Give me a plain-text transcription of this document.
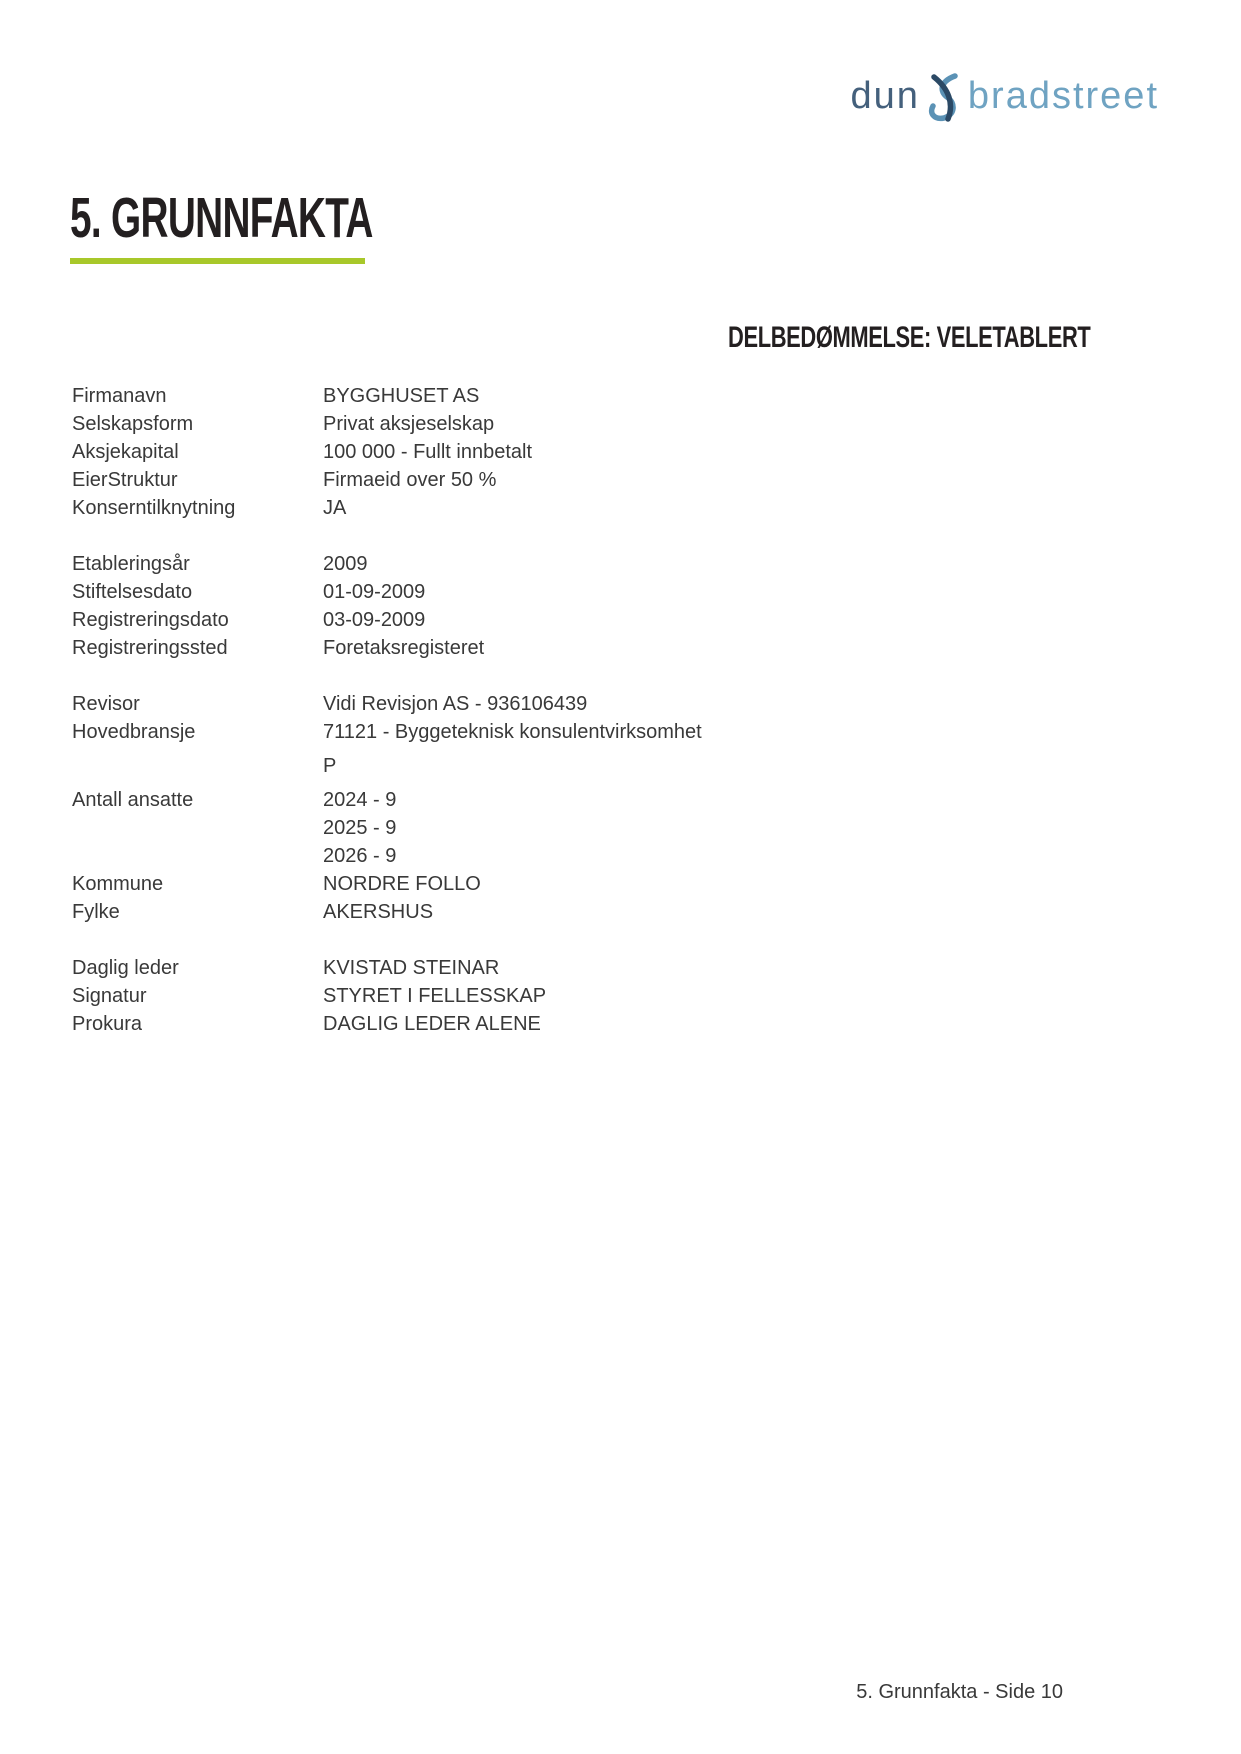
dun bradstreet
5. GRUNNFAKTA
DELBEDØMMELSE: VELETABLERT
Firmanavn	BYGGHUSET AS
Selskapsform	Privat aksjeselskap
Aksjekapital	100 000 - Fullt innbetalt
EierStruktur	Firmaeid over 50 %
Konserntilknytning	JA
Etableringsår	2009
Stiftelsesdato	01-09-2009
Registreringsdato	03-09-2009
Registreringssted	Foretaksregisteret
Revisor	Vidi Revisjon AS - 936106439
Hovedbransje	71121 - Byggeteknisk konsulentvirksomhet
P
Antall ansatte	2024 - 9
2025 - 9
2026 - 9
Kommune	NORDRE FOLLO
Fylke	AKERSHUS
Daglig leder	KVISTAD STEINAR
Signatur	STYRET I FELLESSKAP
Prokura	DAGLIG LEDER ALENE
5. Grunnfakta - Side 10
